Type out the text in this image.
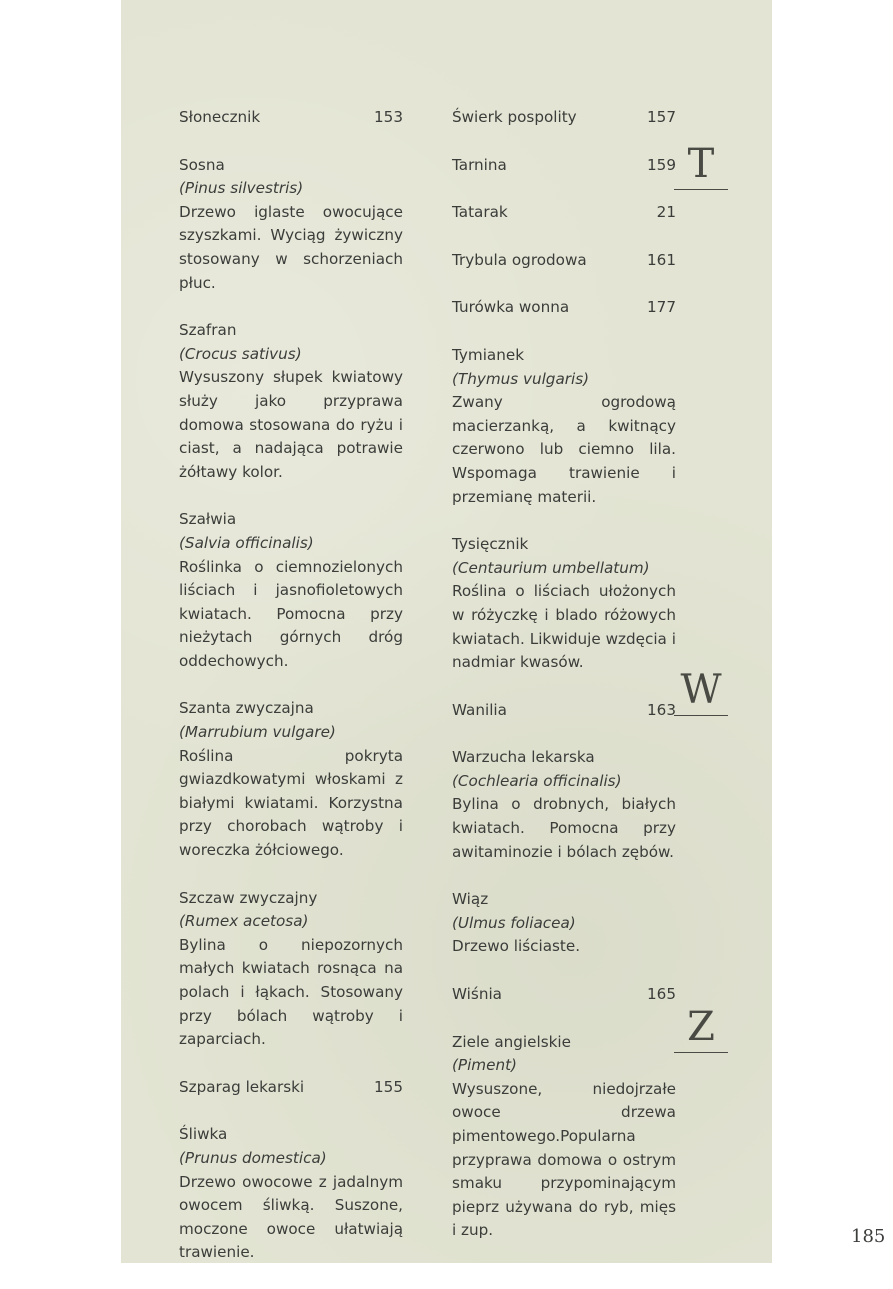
Słonecznik	153
Sosna
(Pinus silvestris)
Drzewo iglaste owocujące szyszkami. Wyciąg żywiczny stosowany w schorzeniach płuc.
Szafran
(Crocus sativus)
Wysuszony słupek kwiatowy służy jako przyprawa domowa stosowana do ryżu i ciast, a nadająca potrawie żółtawy kolor.
Szałwia
(Salvia officinalis)
Roślinka o ciemnozielonych liściach i jasnofioletowych kwiatach. Pomocna przy nieżytach górnych dróg oddechowych.
Szanta zwyczajna
(Marrubium vulgare)
Roślina pokryta gwiazdkowatymi włoskami z białymi kwiatami. Korzystna przy chorobach wątroby i woreczka żółciowego.
Szczaw zwyczajny
(Rumex acetosa)
Bylina o niepozornych małych kwiatach rosnąca na polach i łąkach. Stosowany przy bólach wątroby i zaparciach.
Szparag lekarski	155
Śliwka
(Prunus domestica)
Drzewo owocowe z jadalnym owocem śliwką. Suszone, moczone owoce ułatwiają trawienie.
Świerk pospolity	157
Tarnina	159
Tatarak	21
Trybula ogrodowa	161
Turówka wonna	177
Tymianek
(Thymus vulgaris)
Zwany ogrodową macierzanką, a kwitnący czerwono lub ciemno lila. Wspomaga trawienie i przemianę materii.
Tysięcznik
(Centaurium umbellatum)
Roślina o liściach ułożonych w różyczkę i blado różowych kwiatach. Likwiduje wzdęcia i nadmiar kwasów.
Wanilia	163
Warzucha lekarska
(Cochlearia officinalis)
Bylina o drobnych, białych kwiatach. Pomocna przy awitaminozie i bólach zębów.
Wiąz
(Ulmus foliacea)
Drzewo liściaste.
Wiśnia	165
Ziele angielskie
(Piment)
Wysuszone, niedojrzałe owoce drzewa pimentowego.Popularna przyprawa domowa o ostrym smaku przypominającym pieprz używana do ryb, mięs i zup.
T
W
Z
185
